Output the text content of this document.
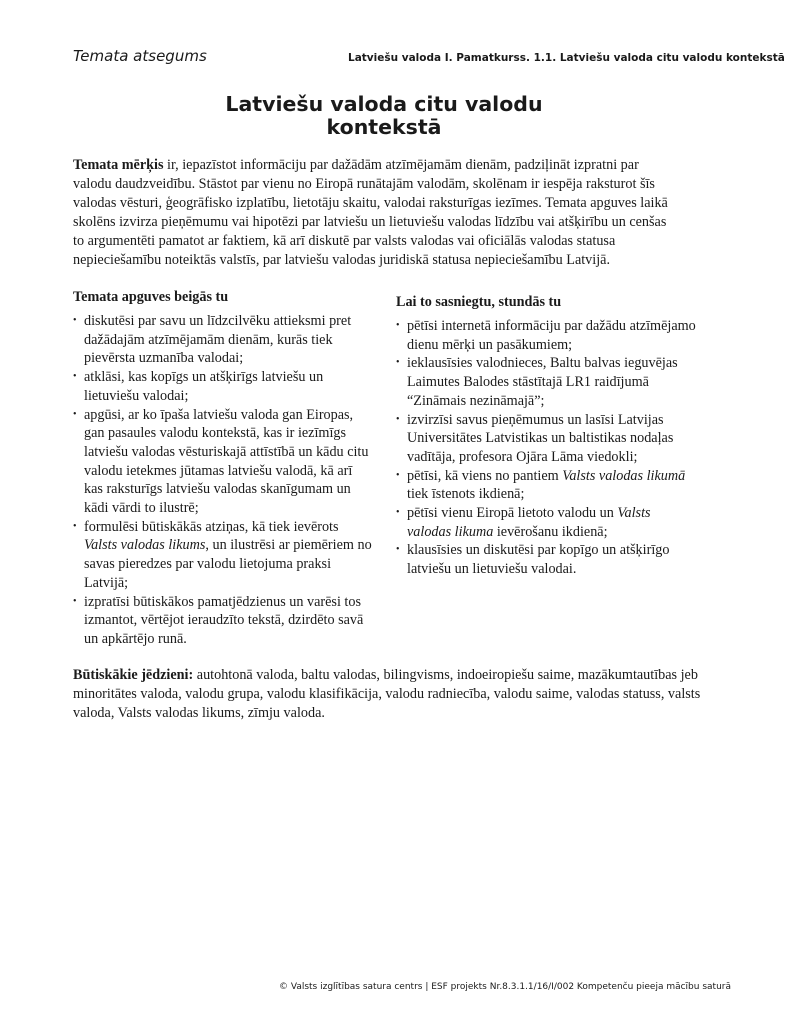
Temata atsegums	Latviešu valoda I. Pamatkurss. 1.1. Latviešu valoda citu valodu kontekstā
Latviešu valoda citu valodu kontekstā

Temata mērķis ir, iepazīstot informāciju par dažādām atzīmējamām dienām, padziļināt izpratni par valodu daudzveidību. Stāstot par vienu no Eiropā runātajām valodām, skolēnam ir iespēja raksturot šīs valodas vēsturi, ģeogrāfisko izplatību, lietotāju skaitu, valodai raksturīgas iezīmes. Temata apguves laikā skolēns izvirza pieņēmumu vai hipotēzi par latviešu un lietuviešu valodas līdzību vai atšķirību un cenšas to argumentēti pamatot ar faktiem, kā arī diskutē par valsts valodas vai oficiālās valodas statusa nepieciešamību noteiktās valstīs, par latviešu valodas juridiskā statusa nepieciešamību Latvijā.

Temata apguves beigās tu
• diskutēsi par savu un līdzcilvēku attieksmi pret dažādajām atzīmējamām dienām, kurās tiek pievērsta uzmanība valodai;
• atklāsi, kas kopīgs un atšķirīgs latviešu un lietuviešu valodai;
• apgūsi, ar ko īpaša latviešu valoda gan Eiropas, gan pasaules valodu kontekstā, kas ir iezīmīgs latviešu valodas vēsturiskajā attīstībā un kādu citu valodu ietekmes jūtamas latviešu valodā, kā arī kas raksturīgs latviešu valodas skanīgumam un kādi vārdi to ilustrē;
• formulēsi būtiskākās atziņas, kā tiek ievērots Valsts valodas likums, un ilustrēsi ar piemēriem no savas pieredzes par valodu lietojuma praksi Latvijā;
• izpratīsi būtiskākos pamatjēdzienus un varēsi tos izmantot, vērtējot ieraudzīto tekstā, dzirdēto savā un apkārtējo runā.
Lai to sasniegtu, stundās tu
• pētīsi internetā informāciju par dažādu atzīmējamo dienu mērķi un pasākumiem;
• ieklausīsies valodnieces, Baltu balvas ieguvējas Laimutes Balodes stāstītajā LR1 raidījumā “Zināmais nezināmajā”;
• izvirzīsi savus pieņēmumus un lasīsi Latvijas Universitātes Latvistikas un baltistikas nodaļas vadītāja, profesora Ojāra Lāma viedokli;
• pētīsi, kā viens no pantiem Valsts valodas likumā tiek īstenots ikdienā;
• pētīsi vienu Eiropā lietoto valodu un Valsts valodas likuma ievērošanu ikdienā;
• klausīsies un diskutēsi par kopīgo un atšķirīgo latviešu un lietuviešu valodai.

Būtiskākie jēdzieni: autohtonā valoda, baltu valodas, bilingvisms, indoeiropiešu saime, mazākumtautības jeb minoritātes valoda, valodu grupa, valodu klasifikācija, valodu radniecība, valodu saime, valodas statuss, valsts valoda, Valsts valodas likums, zīmju valoda.

© Valsts izglītības satura centrs | ESF projekts Nr.8.3.1.1/16/I/002 Kompetenču pieeja mācību saturā
